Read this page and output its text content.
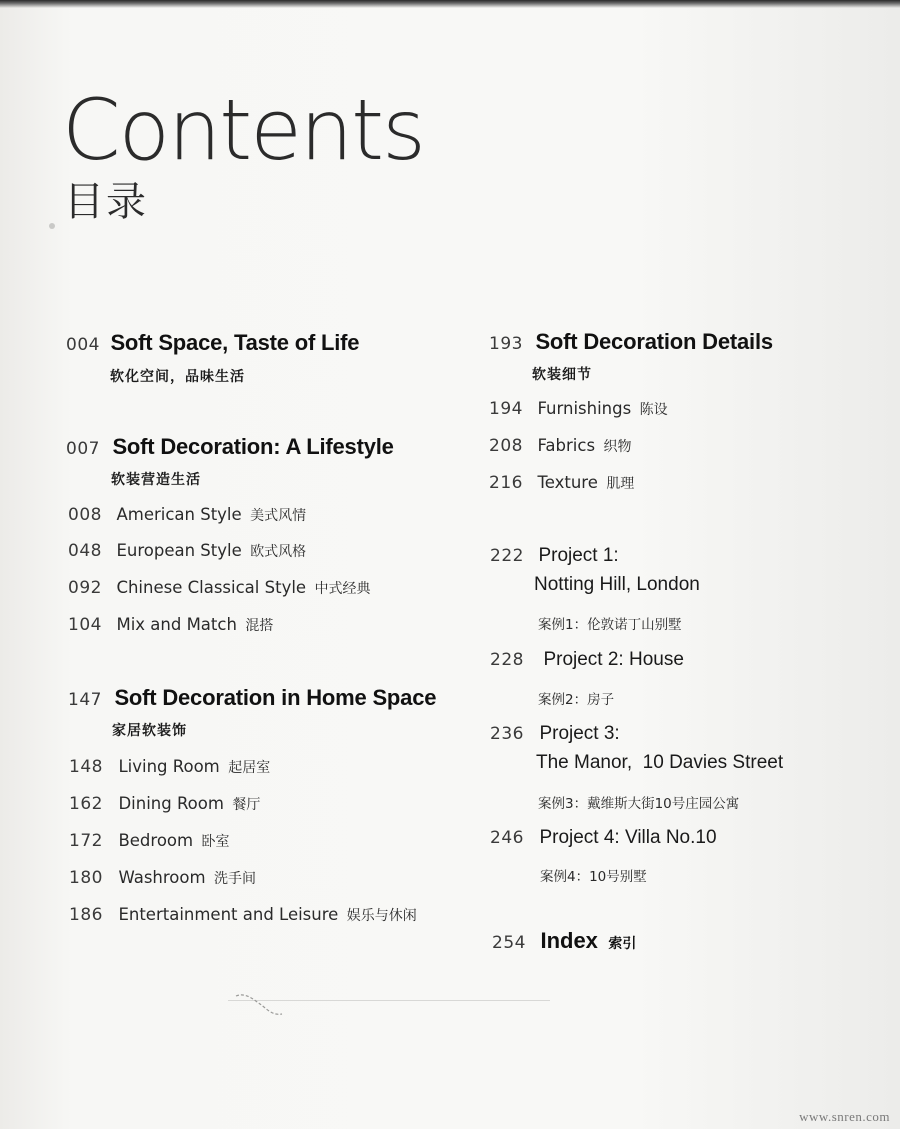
Contents
目录
004 Soft Space, Taste of Life
软化空间，品味生活
007 Soft Decoration: A Lifestyle
软装营造生活
008 American Style 美式风情
048 European Style 欧式风格
092 Chinese Classical Style 中式经典
104 Mix and Match 混搭
147 Soft Decoration in Home Space
家居软装饰
148 Living Room 起居室
162 Dining Room 餐厅
172 Bedroom 卧室
180 Washroom 洗手间
186 Entertainment and Leisure 娱乐与休闲
193 Soft Decoration Details
软装细节
194 Furnishings 陈设
208 Fabrics 织物
216 Texture 肌理
222 Project 1:
Notting Hill, London
案例1：伦敦诺丁山别墅
228 Project 2: House
案例2：房子
236 Project 3:
The Manor,  10 Davies Street
案例3：戴维斯大街10号庄园公寓
246 Project 4: Villa No.10
案例4：10号别墅
254 Index 索引
www.snren.com
